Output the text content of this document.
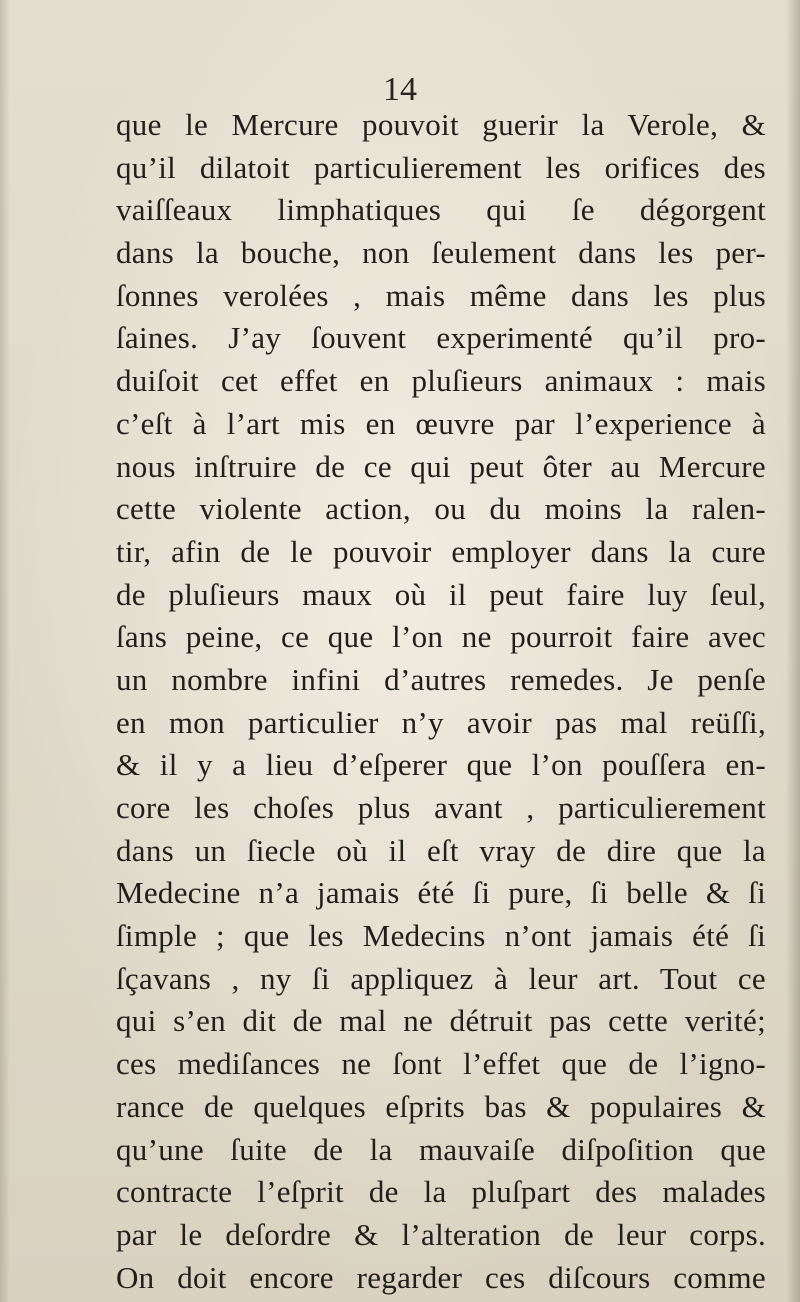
14
que le Mercure pouvoit guerir la Verole, &
qu’il dilatoit particulierement les orifices des
vaiſſeaux limphatiques qui ſe dégorgent
dans la bouche, non ſeulement dans les per-
ſonnes verolées , mais même dans les plus
ſaines. J’ay ſouvent experimenté qu’il pro-
duiſoit cet effet en pluſieurs animaux : mais
c’eſt à l’art mis en œuvre par l’experience à
nous inſtruire de ce qui peut ôter au Mercure
cette violente action, ou du moins la ralen-
tir, afin de le pouvoir employer dans la cure
de pluſieurs maux où il peut faire luy ſeul,
ſans peine, ce que l’on ne pourroit faire avec
un nombre infini d’autres remedes. Je penſe
en mon particulier n’y avoir pas mal reüſſi,
& il y a lieu d’eſperer que l’on pouſſera en-
core les choſes plus avant , particulierement
dans un ſiecle où il eſt vray de dire que la
Medecine n’a jamais été ſi pure, ſi belle & ſi
ſimple ; que les Medecins n’ont jamais été ſi
ſçavans , ny ſi appliquez à leur art. Tout ce
qui s’en dit de mal ne détruit pas cette verité;
ces mediſances ne ſont l’effet que de l’igno-
rance de quelques eſprits bas & populaires &
qu’une ſuite de la mauvaiſe diſpoſition que
contracte l’eſprit de la pluſpart des malades
par le deſordre & l’alteration de leur corps.
On doit encore regarder ces diſcours comme
